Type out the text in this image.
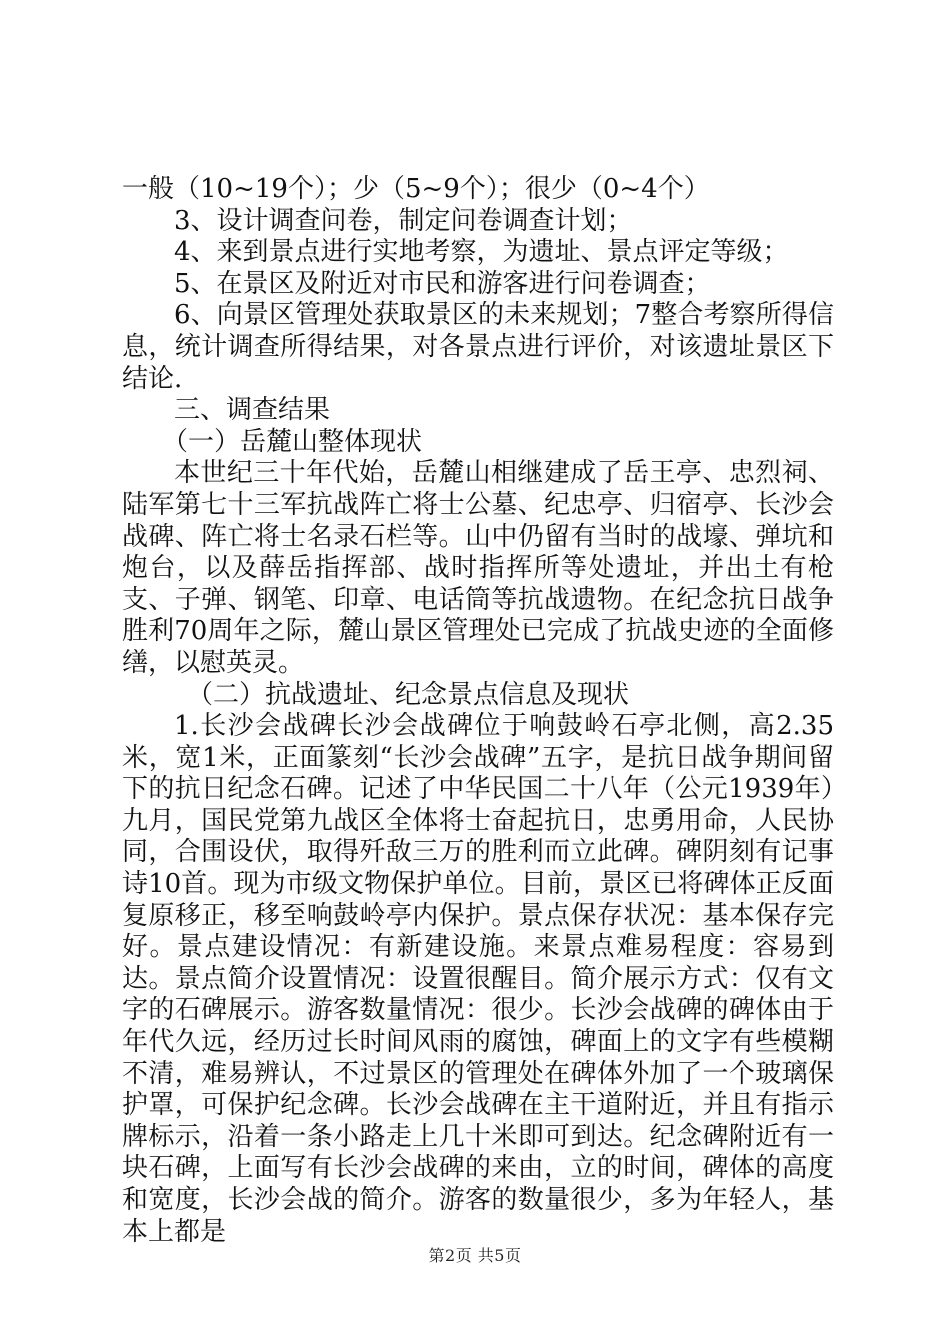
一般（10~19个）；少（5~9个）；很少（0~4个）

3、设计调查问卷，制定问卷调查计划；

4、来到景点进行实地考察，为遗址、景点评定等级；

5、在景区及附近对市民和游客进行问卷调查；

6、向景区管理处获取景区的未来规划；7整合考察所得信息，统计调查所得结果，对各景点进行评价，对该遗址景区下结论.

三、调查结果

（一）岳麓山整体现状

本世纪三十年代始，岳麓山相继建成了岳王亭、忠烈祠、陆军第七十三军抗战阵亡将士公墓、纪忠亭、归宿亭、长沙会战碑、阵亡将士名录石栏等。山中仍留有当时的战壕、弹坑和炮台，以及薛岳指挥部、战时指挥所等处遗址，并出土有枪支、子弹、钢笔、印章、电话筒等抗战遗物。在纪念抗日战争胜利70周年之际，麓山景区管理处已完成了抗战史迹的全面修缮，以慰英灵。

（二）抗战遗址、纪念景点信息及现状

1.长沙会战碑长沙会战碑位于响鼓岭石亭北侧，高2.35米，宽1米，正面篆刻“长沙会战碑”五字，是抗日战争期间留下的抗日纪念石碑。记述了中华民国二十八年（公元1939年）九月，国民党第九战区全体将士奋起抗日，忠勇用命，人民协同，合围设伏，取得歼敌三万的胜利而立此碑。碑阴刻有记事诗10首。现为市级文物保护单位。目前，景区已将碑体正反面复原移正，移至响鼓岭亭内保护。景点保存状况：基本保存完好。景点建设情况：有新建设施。来景点难易程度：容易到达。景点简介设置情况：设置很醒目。简介展示方式：仅有文字的石碑展示。游客数量情况：很少。长沙会战碑的碑体由于年代久远，经历过长时间风雨的腐蚀，碑面上的文字有些模糊不清，难易辨认，不过景区的管理处在碑体外加了一个玻璃保护罩，可保护纪念碑。长沙会战碑在主干道附近，并且有指示牌标示，沿着一条小路走上几十米即可到达。纪念碑附近有一块石碑，上面写有长沙会战碑的来由，立的时间，碑体的高度和宽度，长沙会战的简介。游客的数量很少，多为年轻人，基本上都是

第2页 共5页
